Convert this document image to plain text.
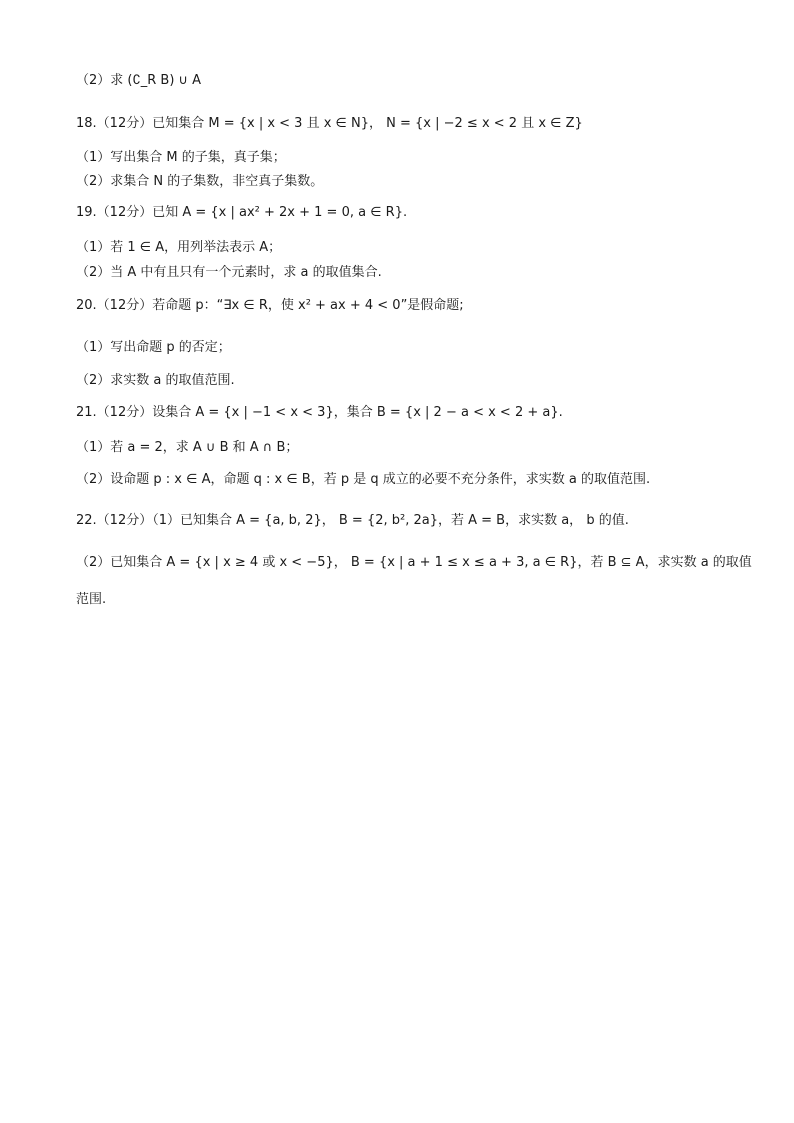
（2）求 (∁_R B) ∪ A
18.（12分）已知集合 M = {x | x < 3 且 x ∈ N}， N = {x | −2 ≤ x < 2 且 x ∈ Z}
（1）写出集合 M 的子集，真子集；
（2）求集合 N 的子集数，非空真子集数。
19.（12分）已知 A = {x | ax² + 2x + 1 = 0, a ∈ R}.
（1）若 1 ∈ A，用列举法表示 A；
（2）当 A 中有且只有一个元素时，求 a 的取值集合.
20.（12分）若命题 p：“∃x ∈ R，使 x² + ax + 4 < 0”是假命题;
（1）写出命题 p 的否定；
（2）求实数 a 的取值范围.
21.（12分）设集合 A = {x | −1 < x < 3}，集合 B = {x | 2 − a < x < 2 + a}.
（1）若 a = 2，求 A ∪ B 和 A ∩ B；
（2）设命题 p : x ∈ A，命题 q : x ∈ B，若 p 是 q 成立的必要不充分条件，求实数 a 的取值范围.
22.（12分）（1）已知集合 A = {a, b, 2}， B = {2, b², 2a}，若 A = B，求实数 a， b 的值.
（2）已知集合 A = {x | x ≥ 4 或 x < −5}， B = {x | a + 1 ≤ x ≤ a + 3, a ∈ R}，若 B ⊆ A，求实数 a 的取值
范围.
